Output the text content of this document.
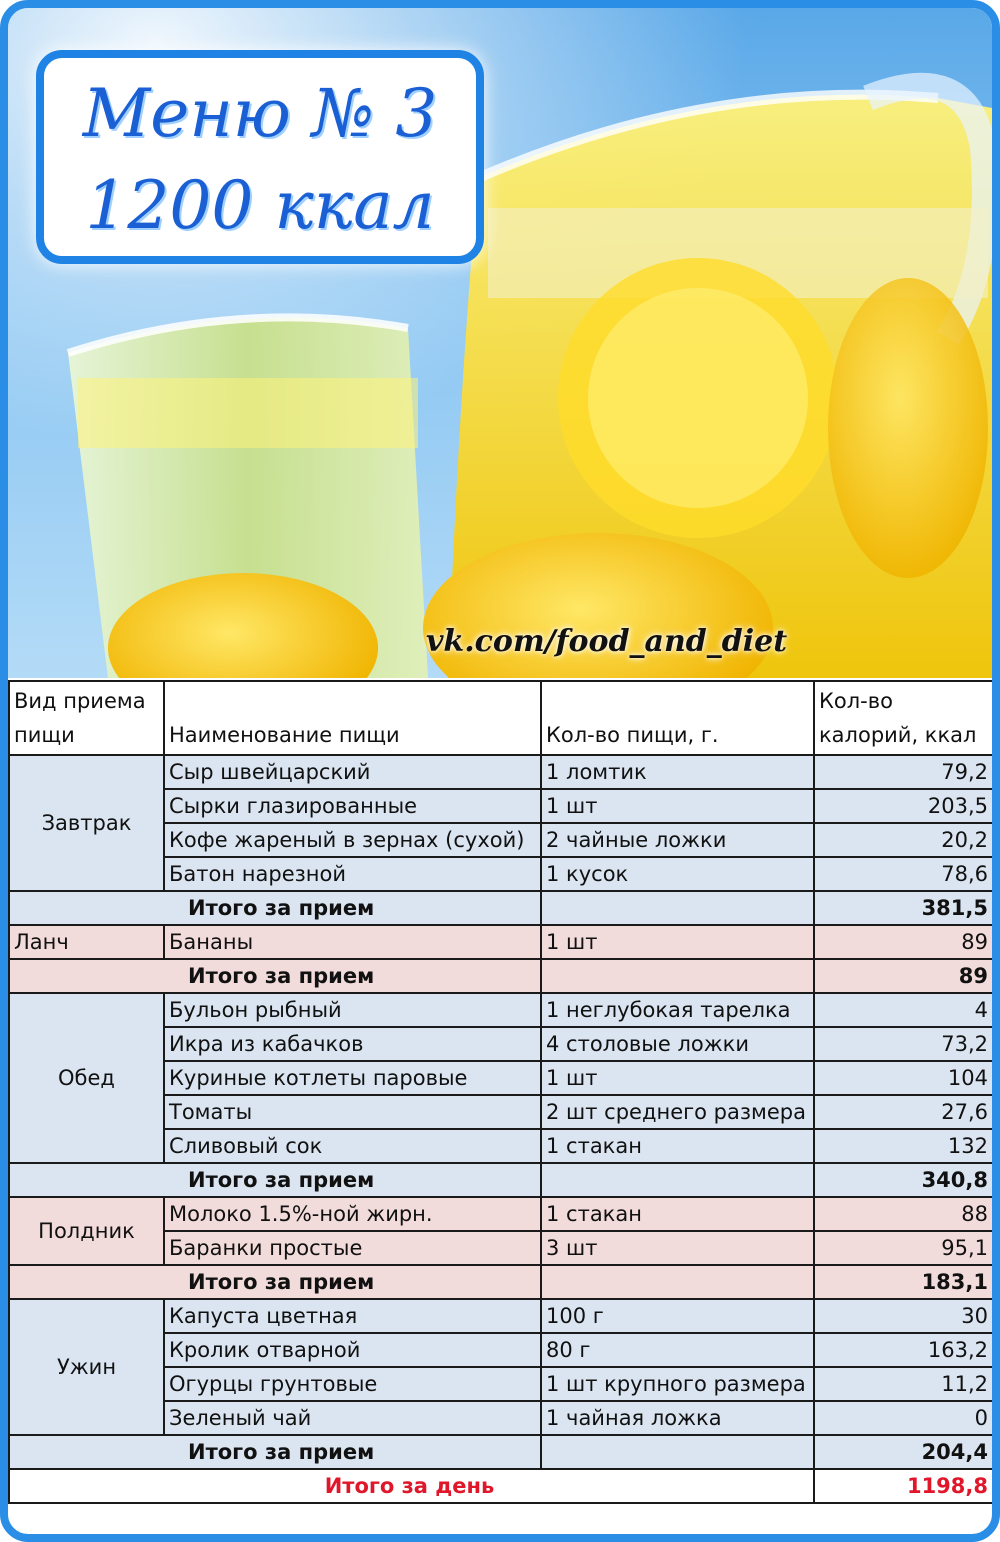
Меню № 3
1200 ккал
vk.com/food_and_diet
Вид приема пищи	Наименование пищи	Кол-во пищи, г.	Кол-во калорий, ккал
Завтрак	Сыр швейцарский	1 ломтик	79,2
	Сырки глазированные	1 шт	203,5
	Кофе жареный в зернах (сухой)	2 чайные ложки	20,2
	Батон нарезной	1 кусок	78,6
Итого за прием			381,5
Ланч	Бананы	1 шт	89
Итого за прием			89
Обед	Бульон рыбный	1 неглубокая тарелка	4
	Икра из кабачков	4 столовые ложки	73,2
	Куриные котлеты паровые	1 шт	104
	Томаты	2 шт среднего размера	27,6
	Сливовый сок	1 стакан	132
Итого за прием			340,8
Полдник	Молоко 1.5%-ной жирн.	1 стакан	88
	Баранки простые	3 шт	95,1
Итого за прием			183,1
Ужин	Капуста цветная	100 г	30
	Кролик отварной	80 г	163,2
	Огурцы грунтовые	1 шт крупного размера	11,2
	Зеленый чай	1 чайная ложка	0
Итого за прием			204,4
Итого за день			1198,8
